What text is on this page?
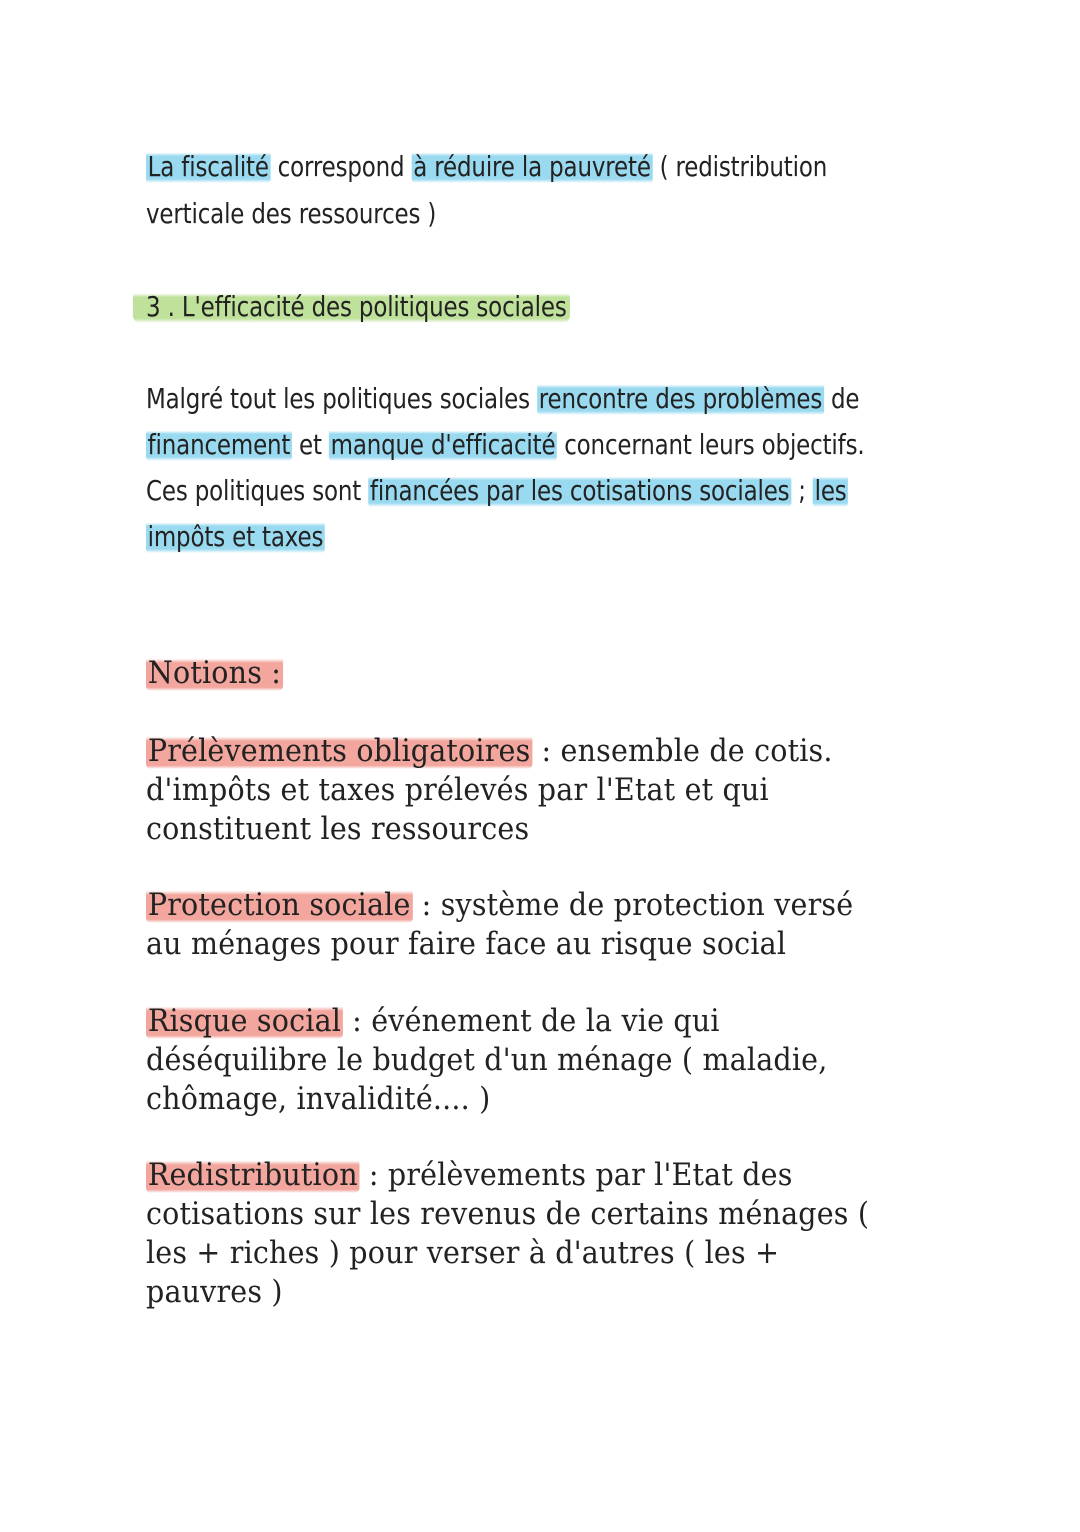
La fiscalité correspond à réduire la pauvreté ( redistribution
verticale des ressources )
3 . L'efficacité des politiques sociales
Malgré tout les politiques sociales rencontre des problèmes de
financement et manque d'efficacité concernant leurs objectifs.
Ces politiques sont financées par les cotisations sociales ; les
impôts et taxes
Notions :
Prélèvements obligatoires : ensemble de cotis.
d'impôts et taxes prélevés par l'Etat et qui
constituent les ressources
Protection sociale : système de protection versé
au ménages pour faire face au risque social
Risque social : événement de la vie qui
déséquilibre le budget d'un ménage ( maladie,
chômage, invalidité.... )
Redistribution : prélèvements par l'Etat des
cotisations sur les revenus de certains ménages (
les + riches ) pour verser à d'autres ( les +
pauvres )
